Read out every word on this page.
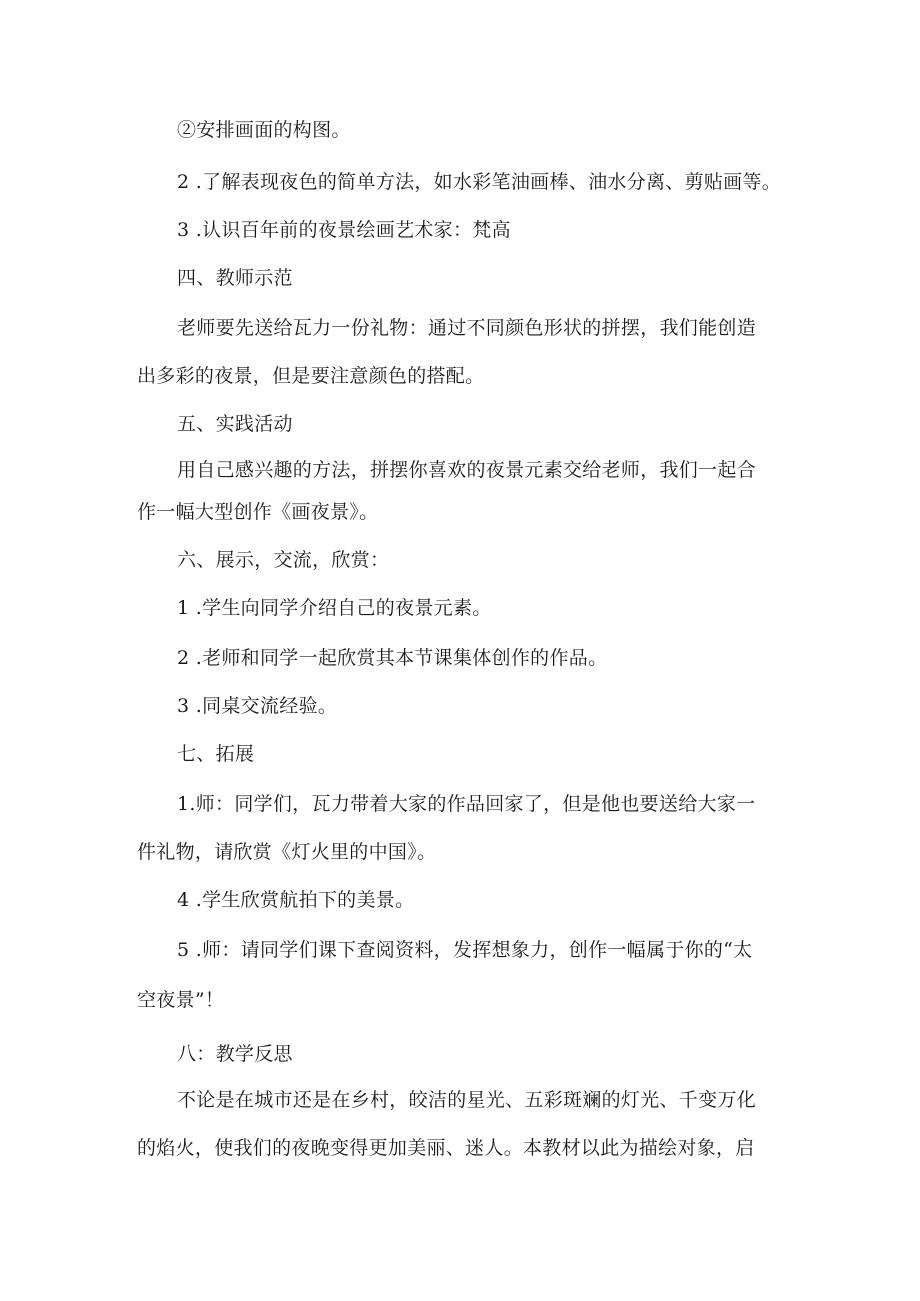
②安排画面的构图。
2 .了解表现夜色的简单方法，如水彩笔油画棒、油水分离、剪贴画等。
3 .认识百年前的夜景绘画艺术家：梵高
四、教师示范
老师要先送给瓦力一份礼物：通过不同颜色形状的拼摆，我们能创造
出多彩的夜景，但是要注意颜色的搭配。
五、实践活动
用自己感兴趣的方法，拼摆你喜欢的夜景元素交给老师，我们一起合
作一幅大型创作《画夜景》。
六、展示，交流，欣赏：
1 .学生向同学介绍自己的夜景元素。
2 .老师和同学一起欣赏其本节课集体创作的作品。
3 .同桌交流经验。
七、拓展
1.师：同学们，瓦力带着大家的作品回家了，但是他也要送给大家一
件礼物，请欣赏《灯火里的中国》。
4 .学生欣赏航拍下的美景。
5 .师：请同学们课下查阅资料，发挥想象力，创作一幅属于你的“太
空夜景”！
八：教学反思
不论是在城市还是在乡村，皎洁的星光、五彩斑斓的灯光、千变万化
的焰火，使我们的夜晚变得更加美丽、迷人。本教材以此为描绘对象，启
